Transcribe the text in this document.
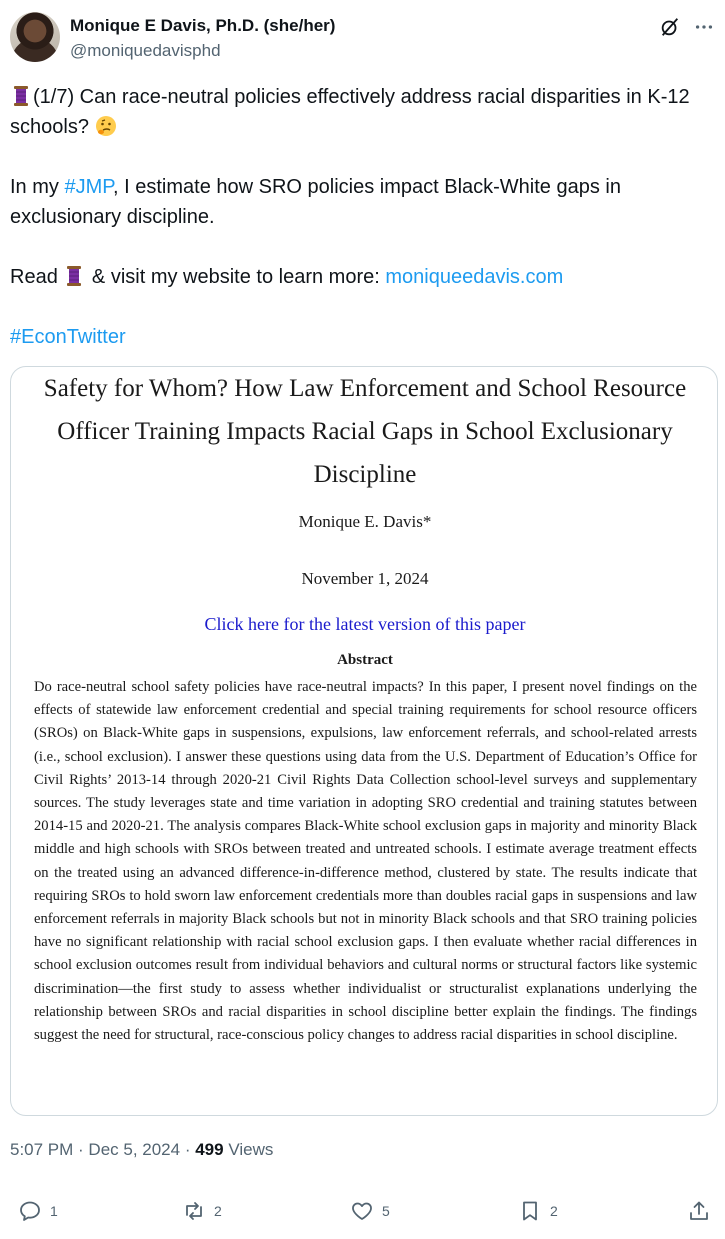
Monique E Davis, Ph.D. (she/her)
@moniquedavisphd

(1/7) Can race-neutral policies effectively address racial disparities in K-12 schools?

In my #JMP, I estimate how SRO policies impact Black-White gaps in exclusionary discipline.

Read  & visit my website to learn more: moniqueedavis.com

#EconTwitter

Safety for Whom? How Law Enforcement and School Resource Officer Training Impacts Racial Gaps in School Exclusionary Discipline
Monique E. Davis*
November 1, 2024
Click here for the latest version of this paper
Abstract
Do race-neutral school safety policies have race-neutral impacts? In this paper, I present novel findings on the effects of statewide law enforcement credential and special training requirements for school resource officers (SROs) on Black-White gaps in suspensions, expulsions, law enforcement referrals, and school-related arrests (i.e., school exclusion). I answer these questions using data from the U.S. Department of Education’s Office for Civil Rights’ 2013-14 through 2020-21 Civil Rights Data Collection school-level surveys and supplementary sources. The study leverages state and time variation in adopting SRO credential and training statutes between 2014-15 and 2020-21. The analysis compares Black-White school exclusion gaps in majority and minority Black middle and high schools with SROs between treated and untreated schools. I estimate average treatment effects on the treated using an advanced difference-in-difference method, clustered by state. The results indicate that requiring SROs to hold sworn law enforcement credentials more than doubles racial gaps in suspensions and law enforcement referrals in majority Black schools but not in minority Black schools and that SRO training policies have no significant relationship with racial school exclusion gaps. I then evaluate whether racial differences in school exclusion outcomes result from individual behaviors and cultural norms or structural factors like systemic discrimination—the first study to assess whether individualist or structuralist explanations underlying the relationship between SROs and racial disparities in school discipline better explain the findings. The findings suggest the need for structural, race-conscious policy changes to address racial disparities in school discipline.
5:07 PM · Dec 5, 2024 · 499 Views
1	2	5	2
